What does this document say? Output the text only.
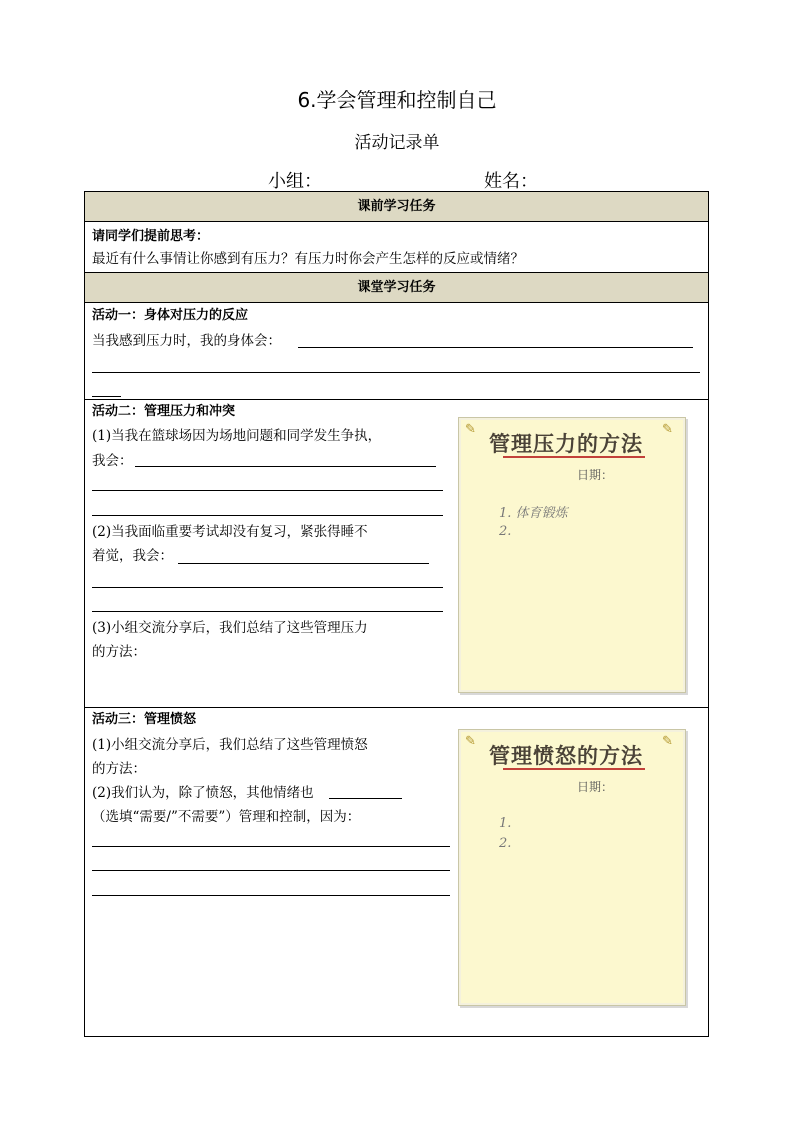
6.学会管理和控制自己
活动记录单
小组：	姓名：
课前学习任务
请同学们提前思考：
最近有什么事情让你感到有压力？有压力时你会产生怎样的反应或情绪？
课堂学习任务
活动一：身体对压力的反应
当我感到压力时，我的身体会：
活动二：管理压力和冲突
(1)当我在篮球场因为场地问题和同学发生争执，
我会：
(2)当我面临重要考试却没有复习，紧张得睡不
着觉，我会：
(3)小组交流分享后，我们总结了这些管理压力
的方法：
✎	✎
管理压力的方法
日期：
1. 体育锻炼
2.
活动三：管理愤怒
(1)小组交流分享后，我们总结了这些管理愤怒
的方法：
(2)我们认为，除了愤怒，其他情绪也
（选填“需要/”不需要”）管理和控制，因为：
✎	✎
管理愤怒的方法
日期：
1.
2.
